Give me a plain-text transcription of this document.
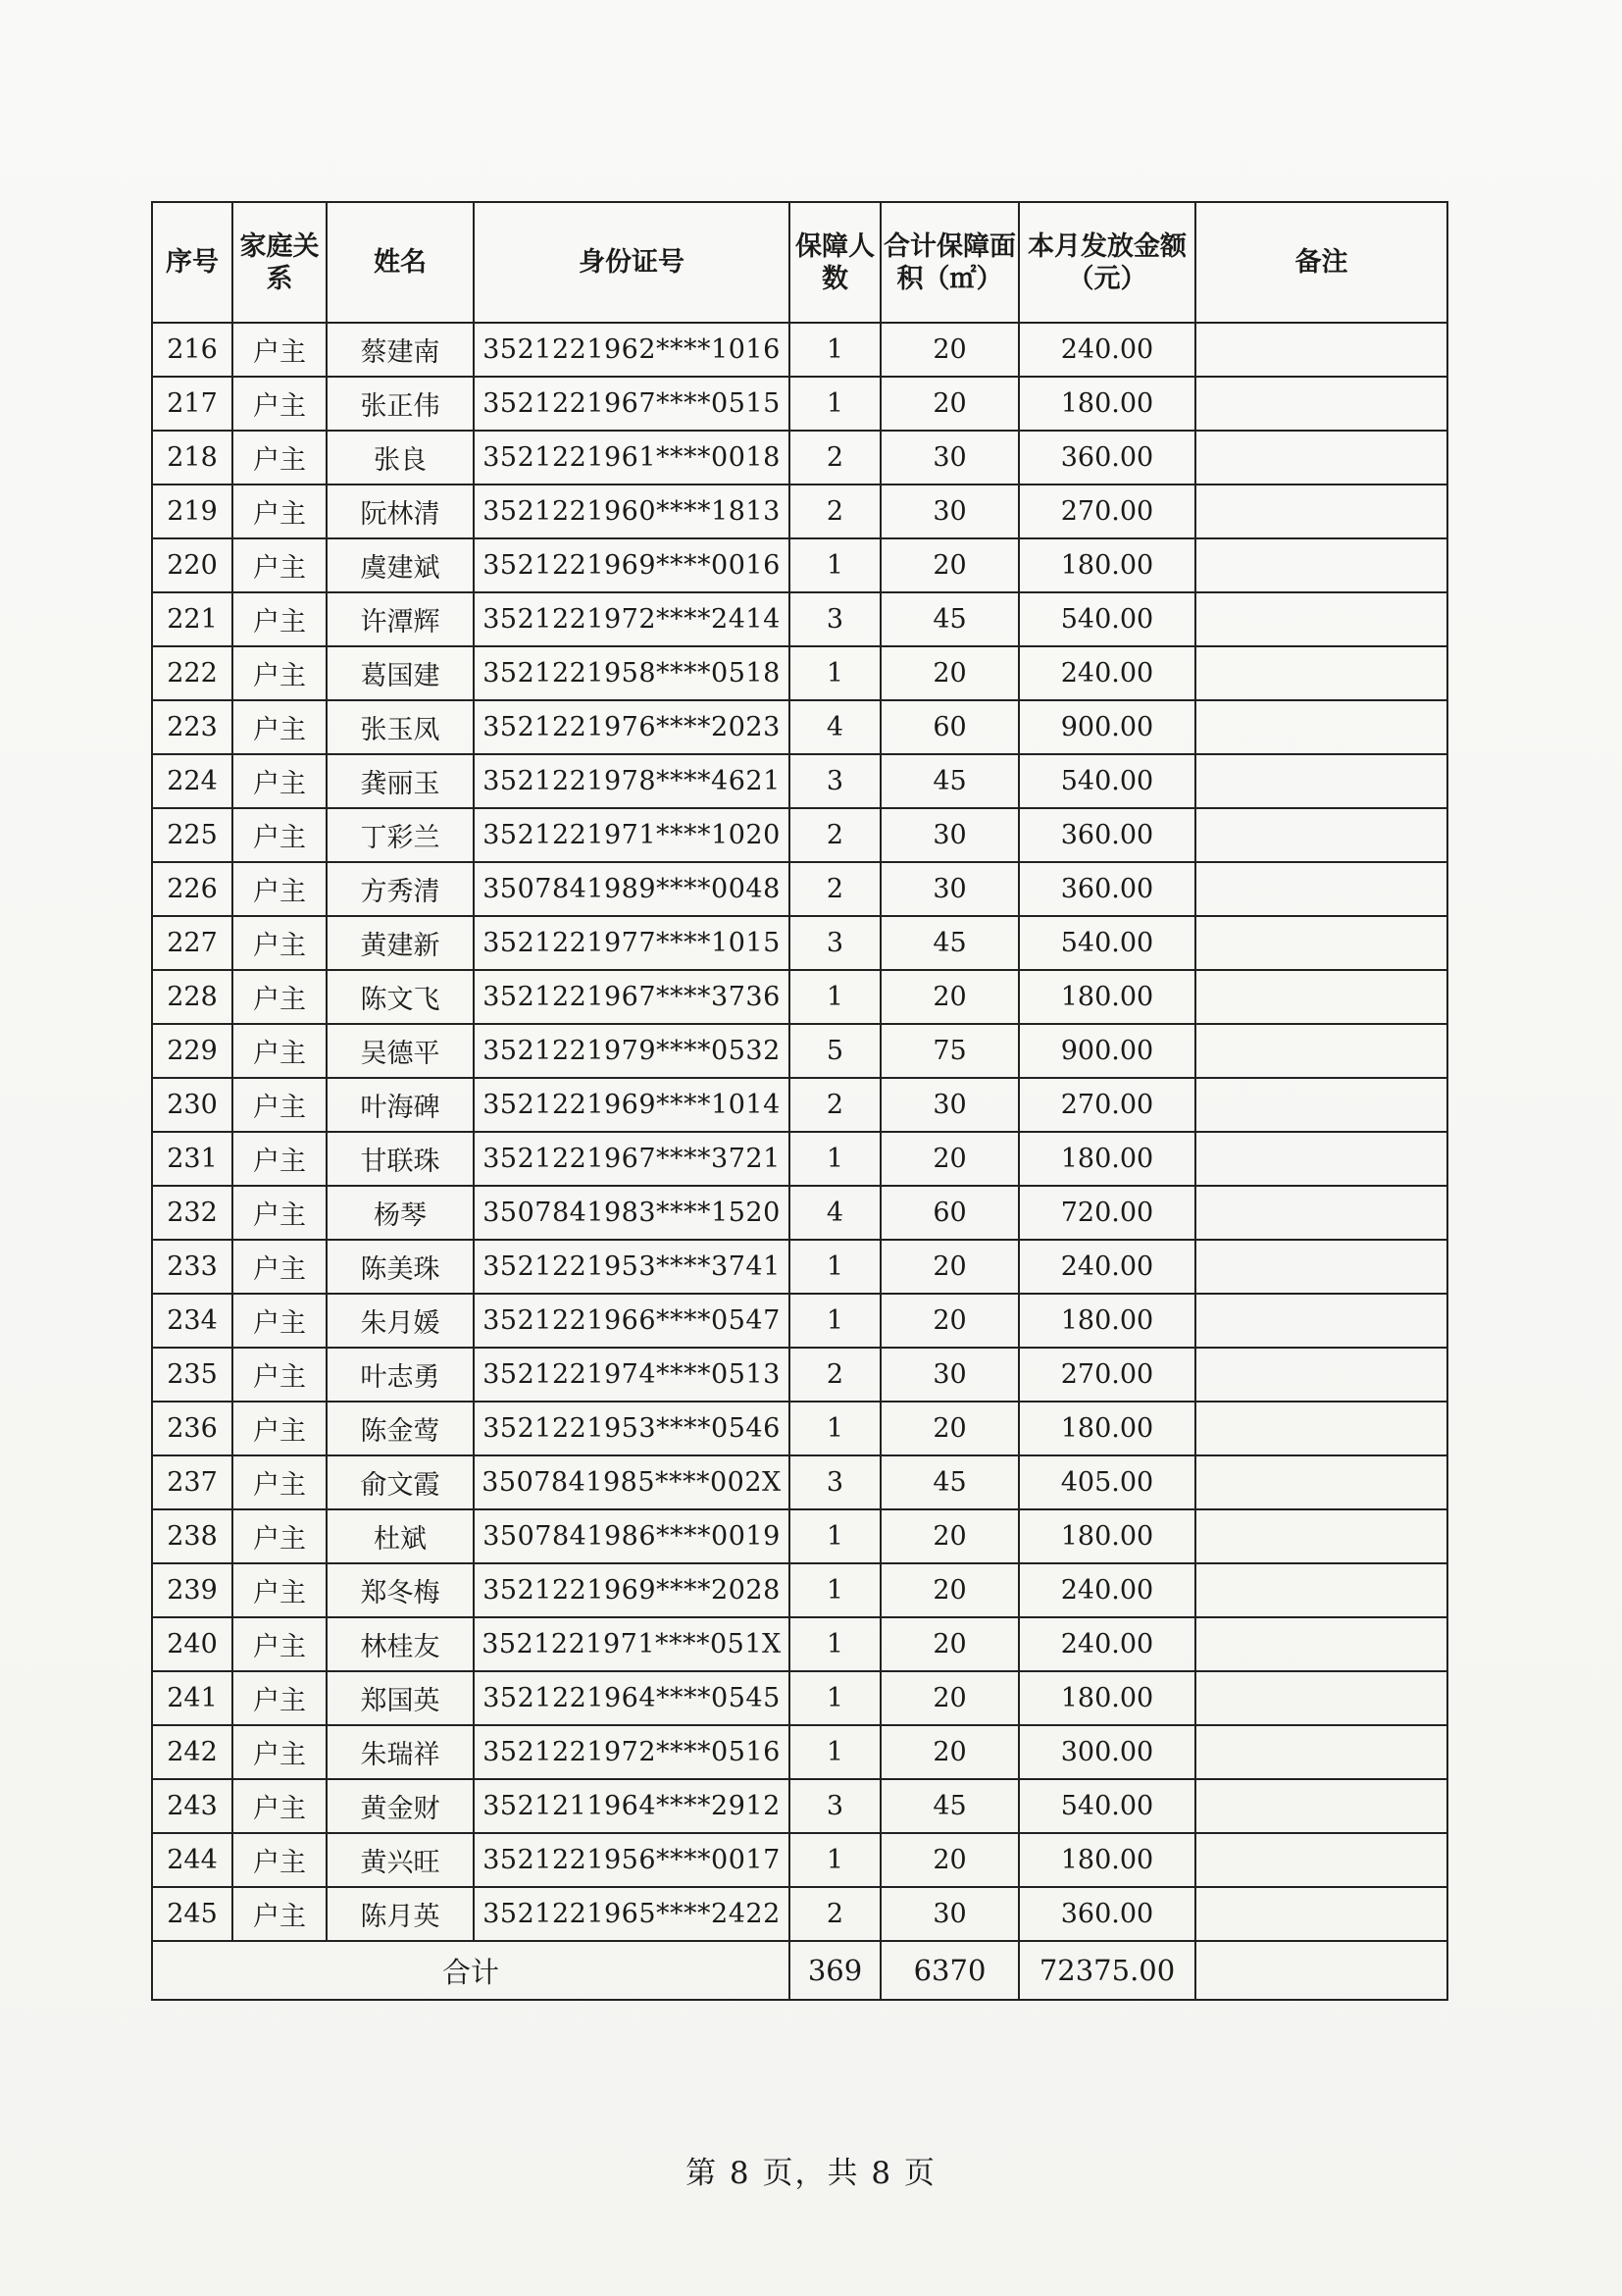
序号	家庭关系	姓名	身份证号	保障人数	合计保障面积（㎡）	本月发放金额（元）	备注
216	户主	蔡建南	3521221962****1016	1	20	240.00	
217	户主	张正伟	3521221967****0515	1	20	180.00	
218	户主	张良	3521221961****0018	2	30	360.00	
219	户主	阮林清	3521221960****1813	2	30	270.00	
220	户主	虞建斌	3521221969****0016	1	20	180.00	
221	户主	许潭辉	3521221972****2414	3	45	540.00	
222	户主	葛国建	3521221958****0518	1	20	240.00	
223	户主	张玉凤	3521221976****2023	4	60	900.00	
224	户主	龚丽玉	3521221978****4621	3	45	540.00	
225	户主	丁彩兰	3521221971****1020	2	30	360.00	
226	户主	方秀清	3507841989****0048	2	30	360.00	
227	户主	黄建新	3521221977****1015	3	45	540.00	
228	户主	陈文飞	3521221967****3736	1	20	180.00	
229	户主	吴德平	3521221979****0532	5	75	900.00	
230	户主	叶海碑	3521221969****1014	2	30	270.00	
231	户主	甘联珠	3521221967****3721	1	20	180.00	
232	户主	杨琴	3507841983****1520	4	60	720.00	
233	户主	陈美珠	3521221953****3741	1	20	240.00	
234	户主	朱月媛	3521221966****0547	1	20	180.00	
235	户主	叶志勇	3521221974****0513	2	30	270.00	
236	户主	陈金莺	3521221953****0546	1	20	180.00	
237	户主	俞文霞	3507841985****002X	3	45	405.00	
238	户主	杜斌	3507841986****0019	1	20	180.00	
239	户主	郑冬梅	3521221969****2028	1	20	240.00	
240	户主	林桂友	3521221971****051X	1	20	240.00	
241	户主	郑国英	3521221964****0545	1	20	180.00	
242	户主	朱瑞祥	3521221972****0516	1	20	300.00	
243	户主	黄金财	3521211964****2912	3	45	540.00	
244	户主	黄兴旺	3521221956****0017	1	20	180.00	
245	户主	陈月英	3521221965****2422	2	30	360.00	
合计				369	6370	72375.00	
第 8 页，共 8 页
